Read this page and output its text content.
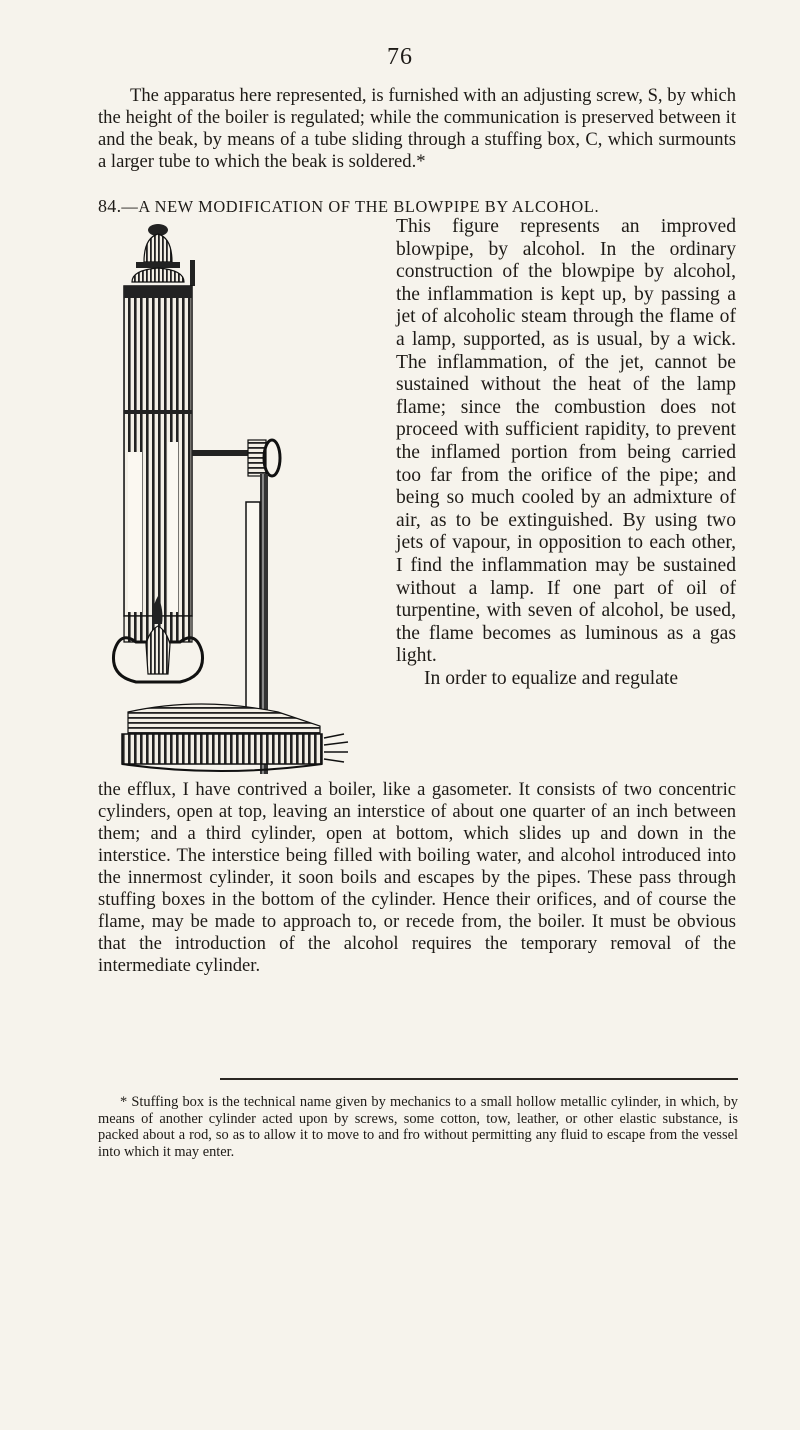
76

The apparatus here represented, is furnished with an adjusting screw, S, by which the height of the boiler is regulated; while the communication is preserved between it and the beak, by means of a tube sliding through a stuffing box, C, which surmounts a larger tube to which the beak is soldered.*

84.—A NEW MODIFICATION OF THE BLOWPIPE BY ALCOHOL.

This figure represents an improved blowpipe, by alcohol. In the ordinary construction of the blowpipe by alcohol, the inflammation is kept up, by passing a jet of alcoholic steam through the flame of a lamp, supported, as is usual, by a wick. The inflammation, of the jet, cannot be sustained without the heat of the lamp flame; since the combustion does not proceed with sufficient rapidity, to prevent the inflamed portion from being carried too far from the orifice of the pipe; and being so much cooled by an admixture of air, as to be extinguished. By using two jets of vapour, in opposition to each other, I find the inflammation may be sustained without a lamp. If one part of oil of turpentine, with seven of alcohol, be used, the flame becomes as luminous as a gas light.

In order to equalize and regulate

the efflux, I have contrived a boiler, like a gasometer. It consists of two concentric cylinders, open at top, leaving an interstice of about one quarter of an inch between them; and a third cylinder, open at bottom, which slides up and down in the interstice. The interstice being filled with boiling water, and alcohol introduced into the innermost cylinder, it soon boils and escapes by the pipes. These pass through stuffing boxes in the bottom of the cylinder. Hence their orifices, and of course the flame, may be made to approach to, or recede from, the boiler. It must be obvious that the introduction of the alcohol requires the temporary removal of the intermediate cylinder.

* Stuffing box is the technical name given by mechanics to a small hollow metallic cylinder, in which, by means of another cylinder acted upon by screws, some cotton, tow, leather, or other elastic substance, is packed about a rod, so as to allow it to move to and fro without permitting any fluid to escape from the vessel into which it may enter.
